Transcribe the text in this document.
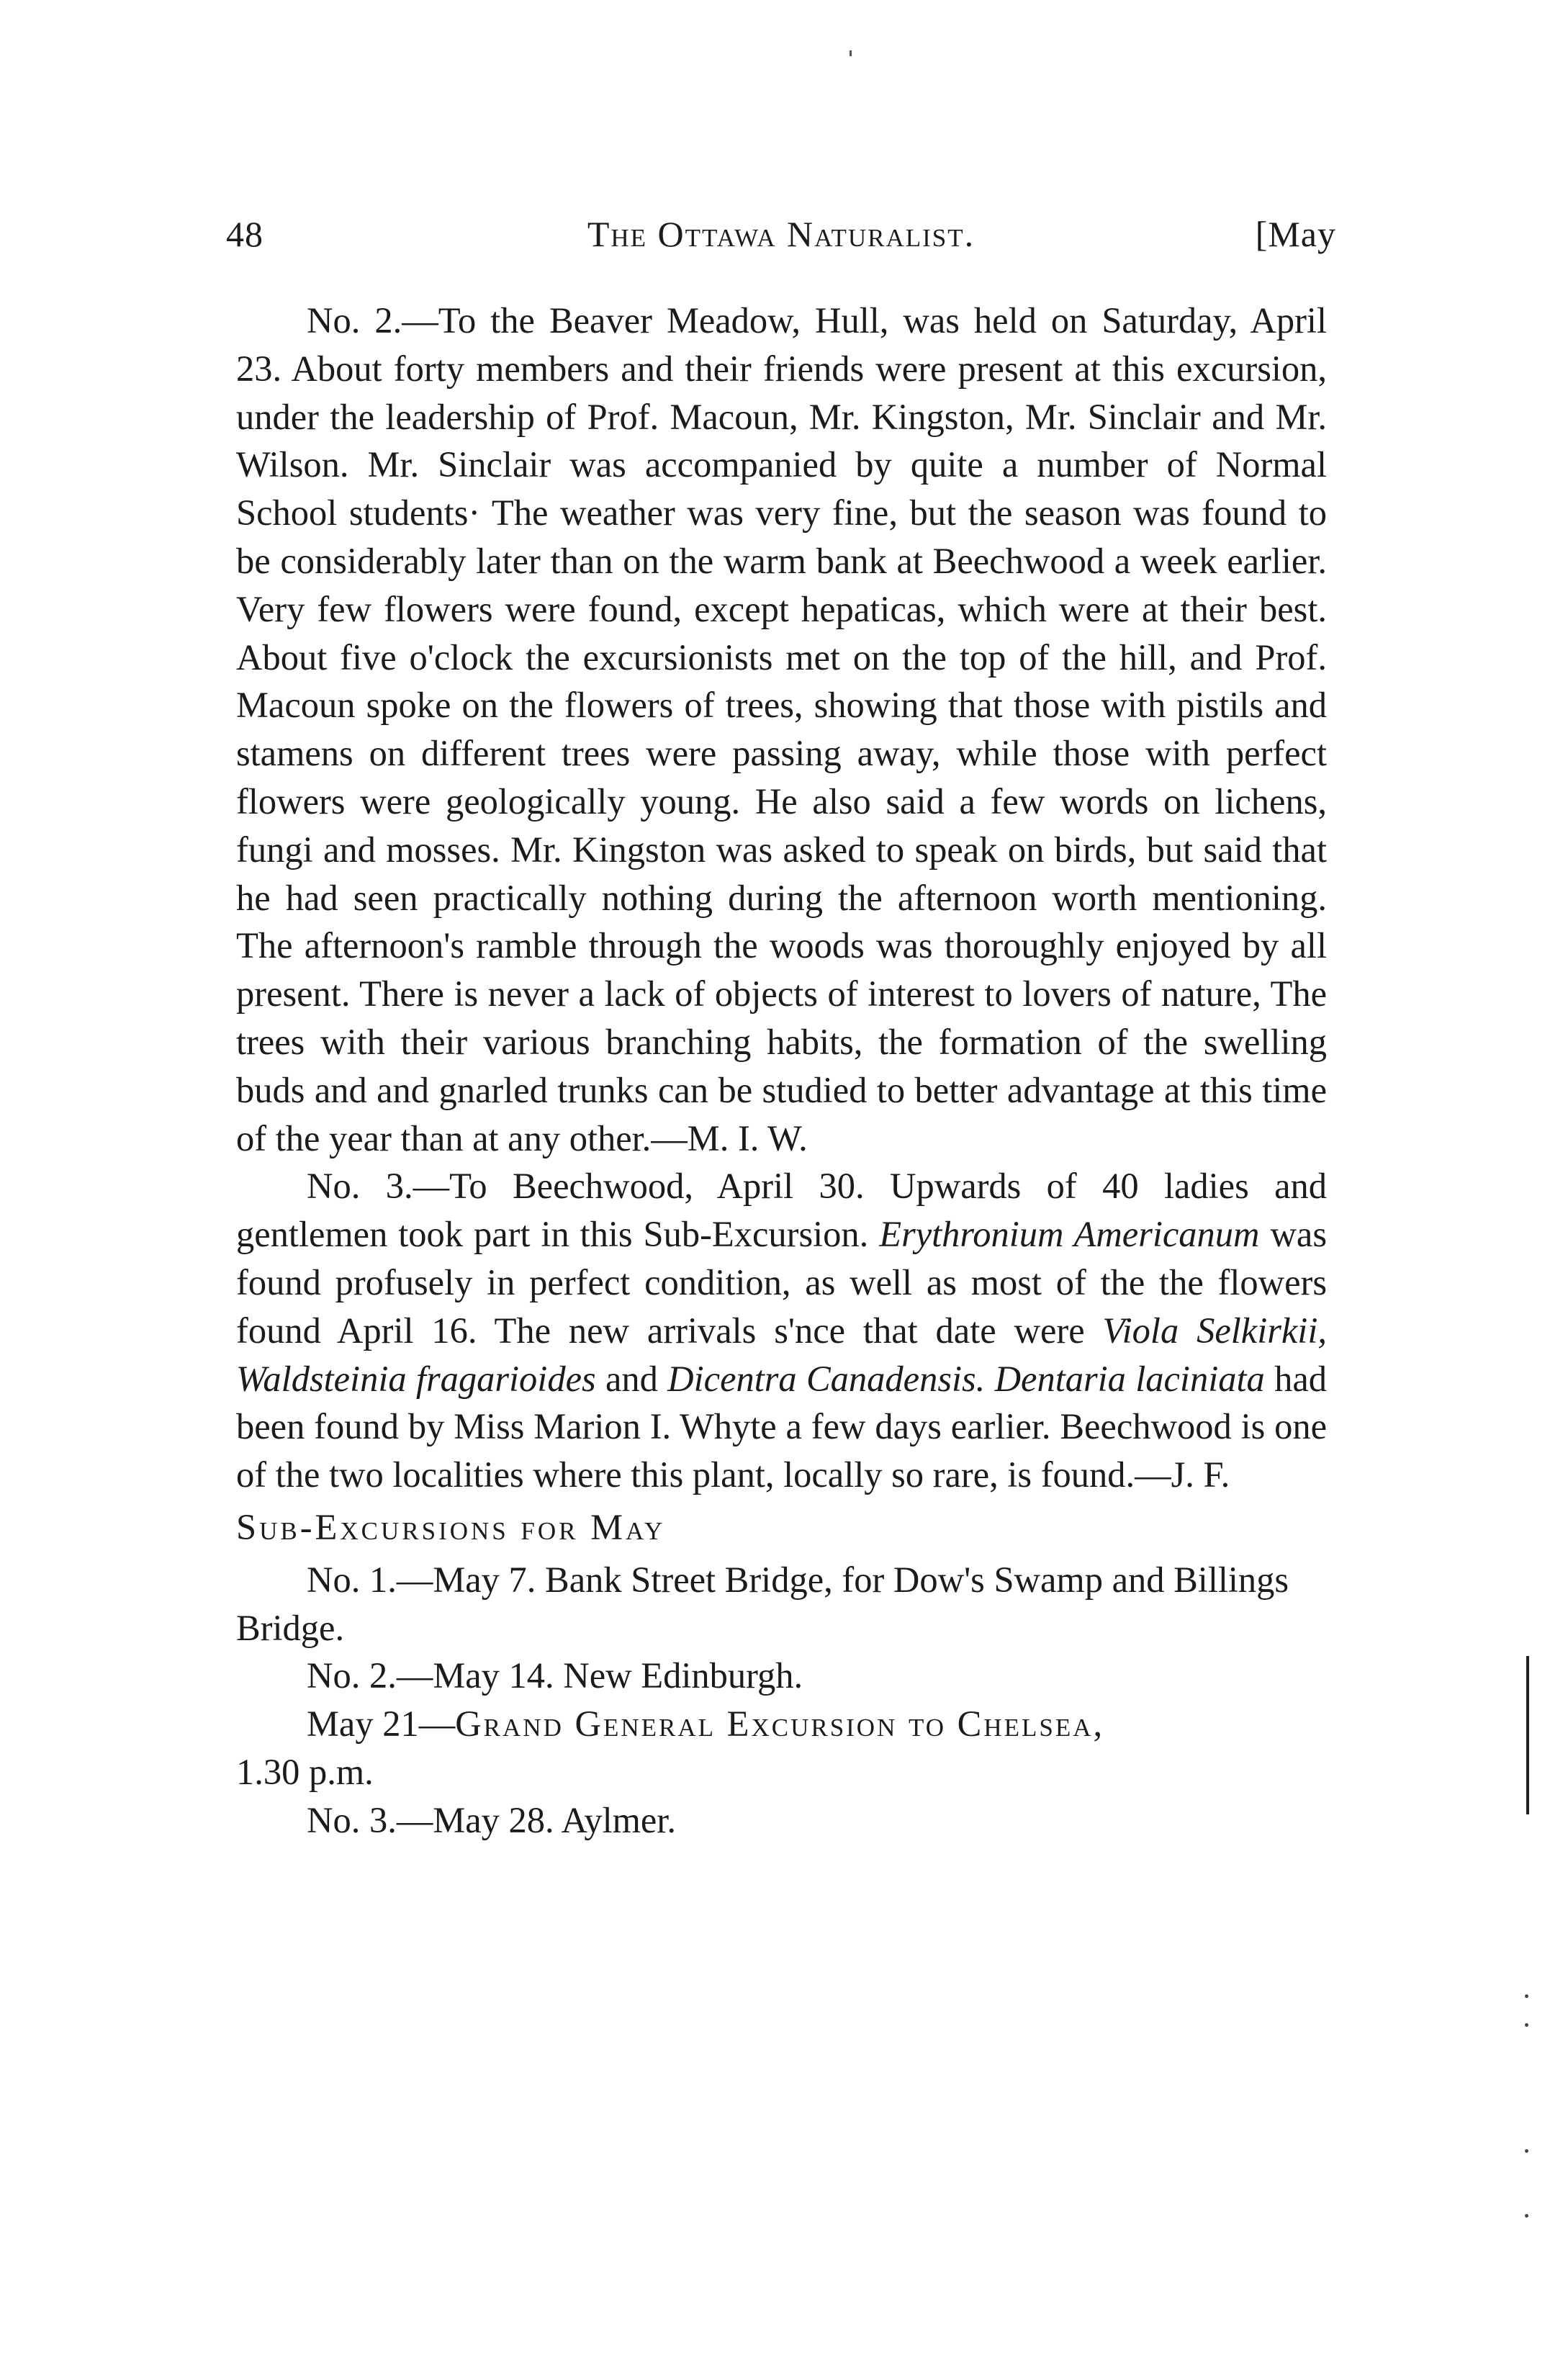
48	The Ottawa Naturalist.	[May

No. 2.—To the Beaver Meadow, Hull, was held on Saturday, April 23. About forty members and their friends were present at this excursion, under the leadership of Prof. Macoun, Mr. Kingston, Mr. Sinclair and Mr. Wilson. Mr. Sinclair was accompanied by quite a number of Normal School students· The weather was very fine, but the season was found to be considerably later than on the warm bank at Beechwood a week earlier. Very few flowers were found, except hepaticas, which were at their best. About five o'clock the excursionists met on the top of the hill, and Prof. Macoun spoke on the flowers of trees, showing that those with pistils and stamens on different trees were passing away, while those with perfect flowers were geologically young. He also said a few words on lichens, fungi and mosses. Mr. Kingston was asked to speak on birds, but said that he had seen practically nothing during the afternoon worth mentioning. The afternoon's ramble through the woods was thoroughly enjoyed by all present. There is never a lack of objects of interest to lovers of nature, The trees with their various branching habits, the formation of the swelling buds and and gnarled trunks can be studied to better advantage at this time of the year than at any other.—M. I. W.

No. 3.—To Beechwood, April 30. Upwards of 40 ladies and gentlemen took part in this Sub-Excursion. Erythronium Americanum was found profusely in perfect condition, as well as most of the the flowers found April 16. The new arrivals s'nce that date were Viola Selkirkii, Waldsteinia fragarioides and Dicentra Canadensis. Dentaria laciniata had been found by Miss Marion I. Whyte a few days earlier. Beechwood is one of the two localities where this plant, locally so rare, is found.—J. F.

Sub-Excursions for May

No. 1.—May 7. Bank Street Bridge, for Dow's Swamp and Billings Bridge.

No. 2.—May 14. New Edinburgh.

May 21—Grand General Excursion to Chelsea,

1.30 p.m.

No. 3.—May 28. Aylmer.
